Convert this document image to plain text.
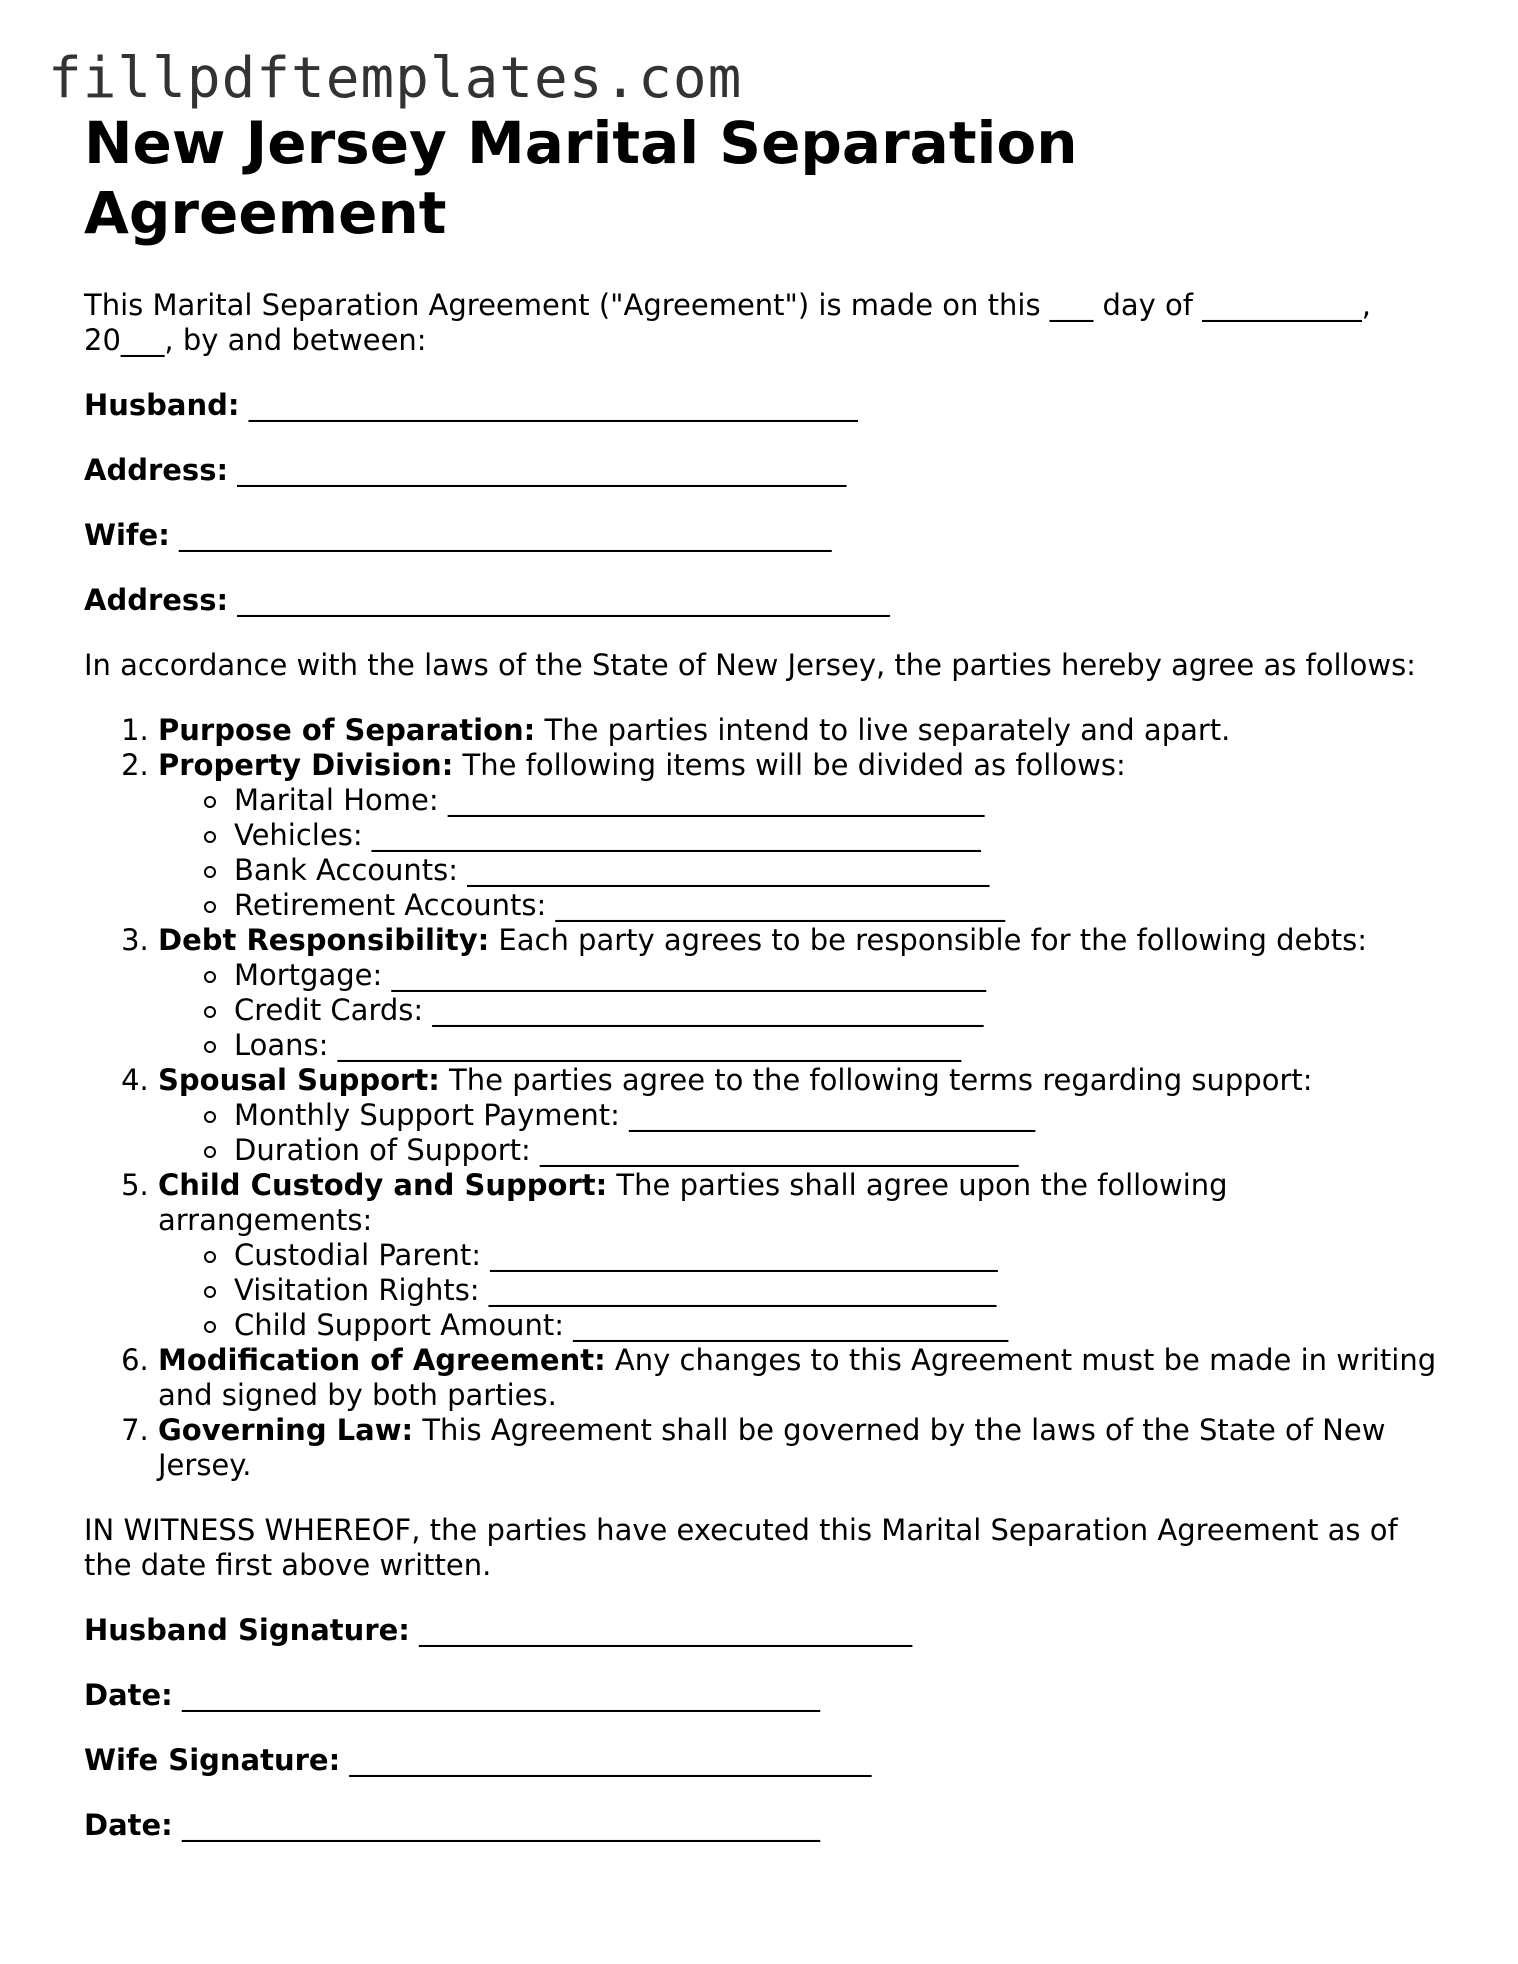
fillpdftemplates.com
New Jersey Marital Separation Agreement

This Marital Separation Agreement ("Agreement") is made on this ___ day of ___________, 20___, by and between:

Husband: __________________________________________

Address: __________________________________________

Wife: _____________________________________________

Address: _____________________________________________

In accordance with the laws of the State of New Jersey, the parties hereby agree as follows:

1. Purpose of Separation: The parties intend to live separately and apart.
2. Property Division: The following items will be divided as follows:
Marital Home: _____________________________________
Vehicles: __________________________________________
Bank Accounts: ____________________________________
Retirement Accounts: _______________________________
3. Debt Responsibility: Each party agrees to be responsible for the following debts:
Mortgage: _________________________________________
Credit Cards: ______________________________________
Loans: ___________________________________________
4. Spousal Support: The parties agree to the following terms regarding support:
Monthly Support Payment: ____________________________
Duration of Support: _________________________________
5. Child Custody and Support: The parties shall agree upon the following arrangements:
Custodial Parent: ___________________________________
Visitation Rights: ___________________________________
Child Support Amount: ______________________________
6. Modification of Agreement: Any changes to this Agreement must be made in writing and signed by both parties.
7. Governing Law: This Agreement shall be governed by the laws of the State of New Jersey.

IN WITNESS WHEREOF, the parties have executed this Marital Separation Agreement as of the date first above written.

Husband Signature: __________________________________

Date: ____________________________________________

Wife Signature: ____________________________________

Date: ____________________________________________
